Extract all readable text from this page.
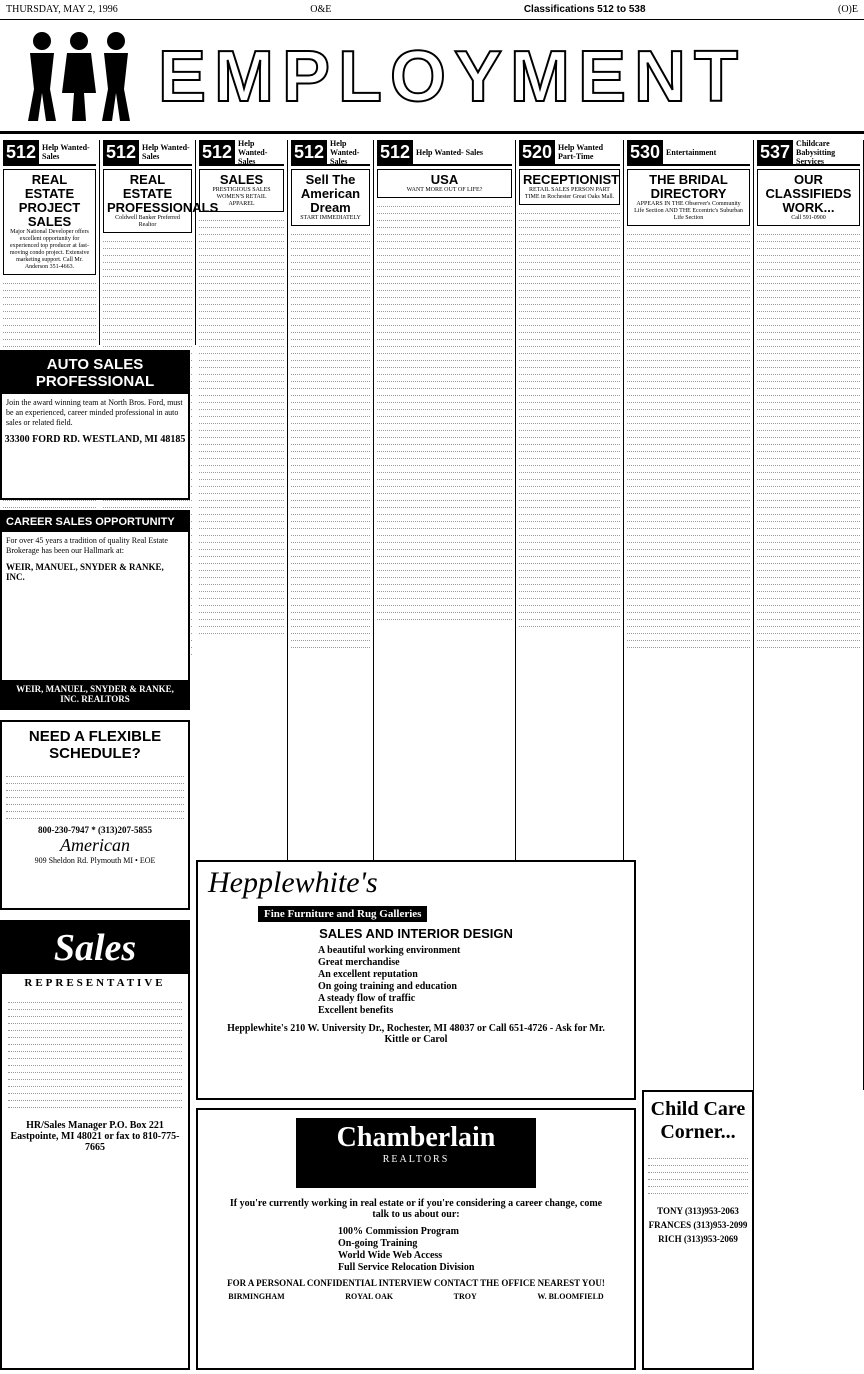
THURSDAY, MAY 2, 1996	O&E	Classifications 512 to 538	(O)E
EMPLOYMENT
512 Help Wanted- Sales
REAL ESTATE PROJECT SALES

Major National Developer offers excellent opportunity for experienced top producer at fast-moving condo project. Extensive marketing support. Call Mr. Anderson 351-4663.

512 Help Wanted- Sales
REAL ESTATE PROFESSIONALS

Coldwell Banker Preferred Realtor

512 Help Wanted- Sales
SALES

PRESTIGIOUS SALES WOMEN'S RETAIL APPAREL

512 Help Wanted- Sales
Sell The American Dream

START IMMEDIATELY

512 Help Wanted- Sales
USA

WANT MORE OUT OF LIFE?

520 Help Wanted Part-Time
RECEPTIONIST

RETAIL SALES PERSON PART TIME in Rochester Great Oaks Mall.

530 Entertainment
THE BRIDAL DIRECTORY

APPEARS IN THE Observer's Community Life Section AND THE Eccentric's Suburban Life Section

537 Childcare Babysitting Services
OUR CLASSIFIEDS WORK...

Call 591-0900

AUTO SALES PROFESSIONAL
Join the award winning team at North Bros. Ford, must be an experienced, career minded professional in auto sales or related field.
33300 FORD RD. WESTLAND, MI 48185
CAREER SALES OPPORTUNITY
For over 45 years a tradition of quality Real Estate Brokerage has been our Hallmark at:
WEIR, MANUEL, SNYDER & RANKE, INC.
WEIR, MANUEL, SNYDER & RANKE, INC. REALTORS
NEED A FLEXIBLE SCHEDULE?
800-230-7947 * (313)207-5855
American
909 Sheldon Rd. Plymouth MI • EOE
Sales
REPRESENTATIVE
HR/Sales Manager P.O. Box 221 Eastpointe, MI 48021 or fax to 810-775-7665
Hepplewhite's
Fine Furniture and Rug Galleries
SALES AND INTERIOR DESIGN
A beautiful working environment
Great merchandise
An excellent reputation
On going training and education
A steady flow of traffic
Excellent benefits
Hepplewhite's 210 W. University Dr., Rochester, MI 48037 or Call 651-4726 - Ask for Mr. Kittle or Carol
Chamberlain
REALTORS
If you're currently working in real estate or if you're considering a career change, come talk to us about our:
100% Commission Program
On-going Training
World Wide Web Access
Full Service Relocation Division
FOR A PERSONAL CONFIDENTIAL INTERVIEW CONTACT THE OFFICE NEAREST YOU!
BIRMINGHAM	ROYAL OAK	TROY	W. BLOOMFIELD
Child Care Corner...
TONY (313)953-2063
FRANCES (313)953-2099
RICH (313)953-2069
